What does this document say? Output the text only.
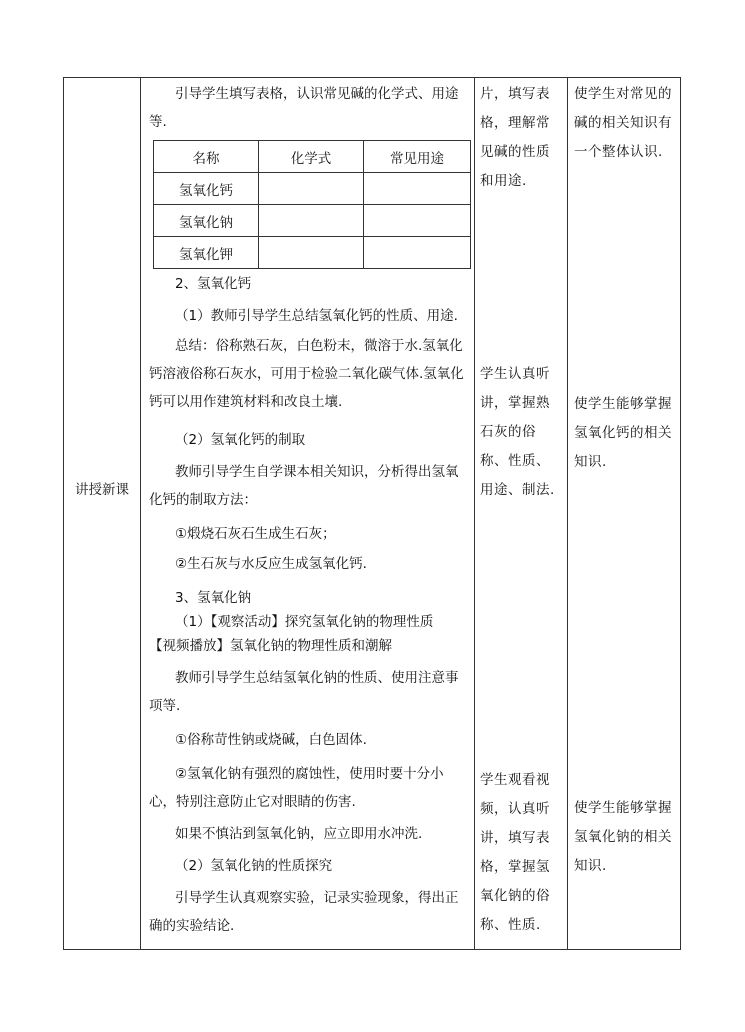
讲授新课

引导学生填写表格，认识常见碱的化学式、用途等.

名称	化学式	常见用途
氢氧化钙		
氢氧化钠		
氢氧化钾		

2、氢氧化钙

（1）教师引导学生总结氢氧化钙的性质、用途.

总结：俗称熟石灰，白色粉末，微溶于水.氢氧化钙溶液俗称石灰水，可用于检验二氧化碳气体.氢氧化钙可以用作建筑材料和改良土壤.

（2）氢氧化钙的制取

教师引导学生自学课本相关知识，分析得出氢氧化钙的制取方法：

①煅烧石灰石生成生石灰；

②生石灰与水反应生成氢氧化钙.

3、氢氧化钠

（1）【观察活动】探究氢氧化钠的物理性质

【视频播放】氢氧化钠的物理性质和潮解

教师引导学生总结氢氧化钠的性质、使用注意事项等.

①俗称苛性钠或烧碱，白色固体.

②氢氧化钠有强烈的腐蚀性，使用时要十分小心，特别注意防止它对眼睛的伤害.

如果不慎沾到氢氧化钠，应立即用水冲洗.

（2）氢氧化钠的性质探究

引导学生认真观察实验，记录实验现象，得出正确的实验结论.

片，填写表格，理解常见碱的性质和用途.

学生认真听讲，掌握熟石灰的俗称、性质、用途、制法.

学生观看视频，认真听讲，填写表格，掌握氢氧化钠的俗称、性质.

使学生对常见的碱的相关知识有一个整体认识.

使学生能够掌握氢氧化钙的相关知识.

使学生能够掌握氢氧化钠的相关知识.
